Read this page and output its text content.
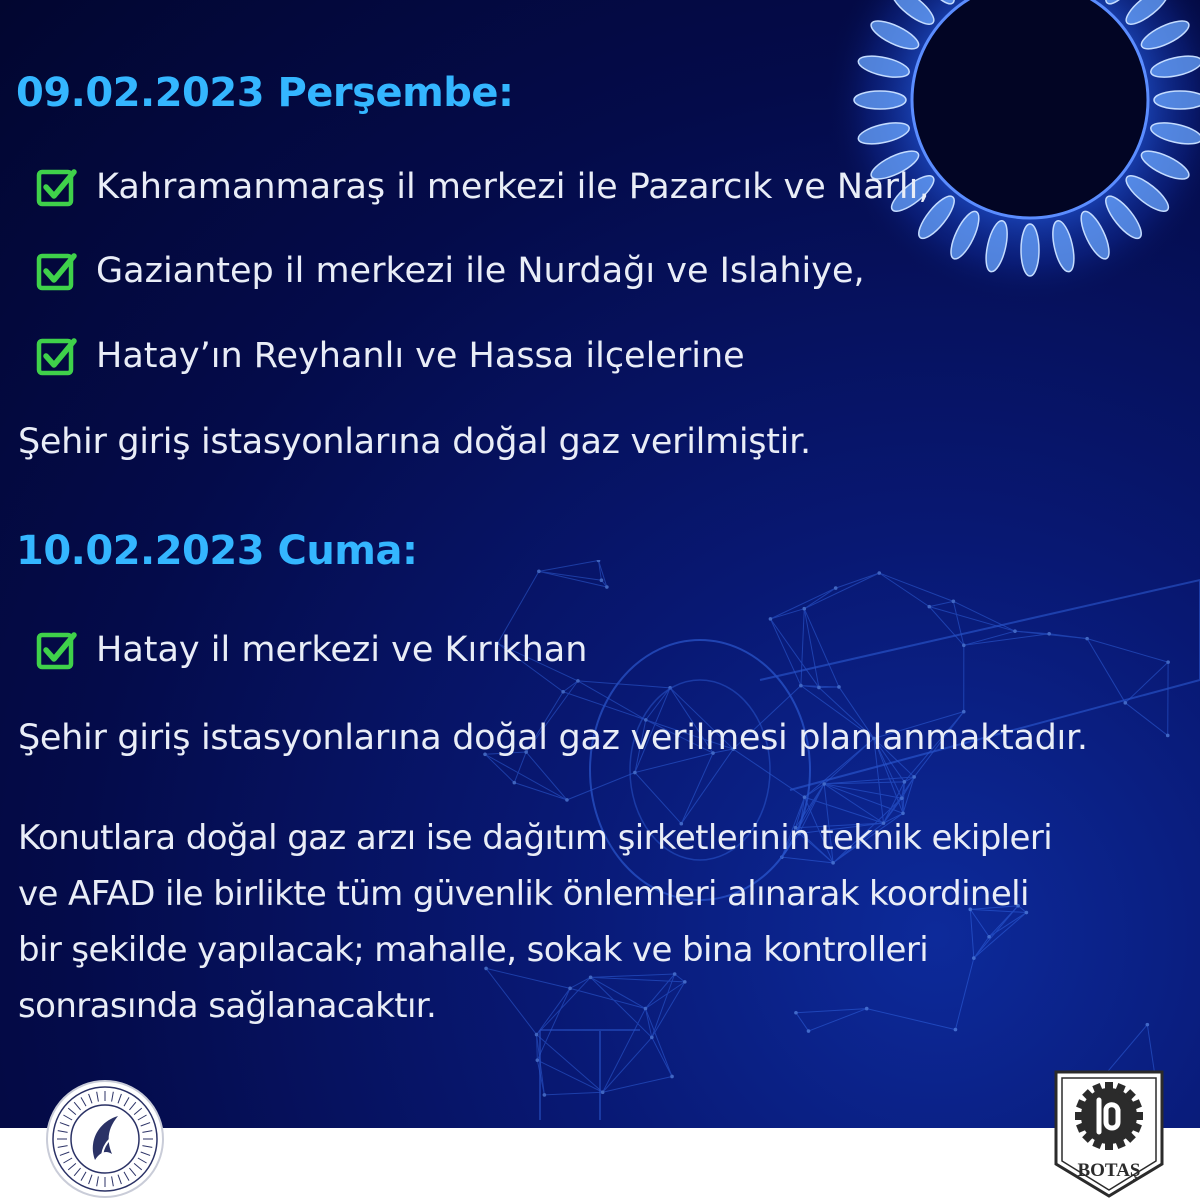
09.02.2023 Perşembe:
Kahramanmaraş il merkezi ile Pazarcık ve Narlı,
Gaziantep il merkezi ile Nurdağı ve Islahiye,
Hatay’ın Reyhanlı ve Hassa ilçelerine

Şehir giriş istasyonlarına doğal gaz verilmiştir.

10.02.2023 Cuma:
Hatay il merkezi ve Kırıkhan

Şehir giriş istasyonlarına doğal gaz verilmesi planlanmaktadır.

Konutlara doğal gaz arzı ise dağıtım şirketlerinin teknik ekipleri
ve AFAD ile birlikte tüm güvenlik önlemleri alınarak koordineli
bir şekilde yapılacak; mahalle, sokak ve bina kontrolleri
sonrasında sağlanacaktır.
BOTAŞ
